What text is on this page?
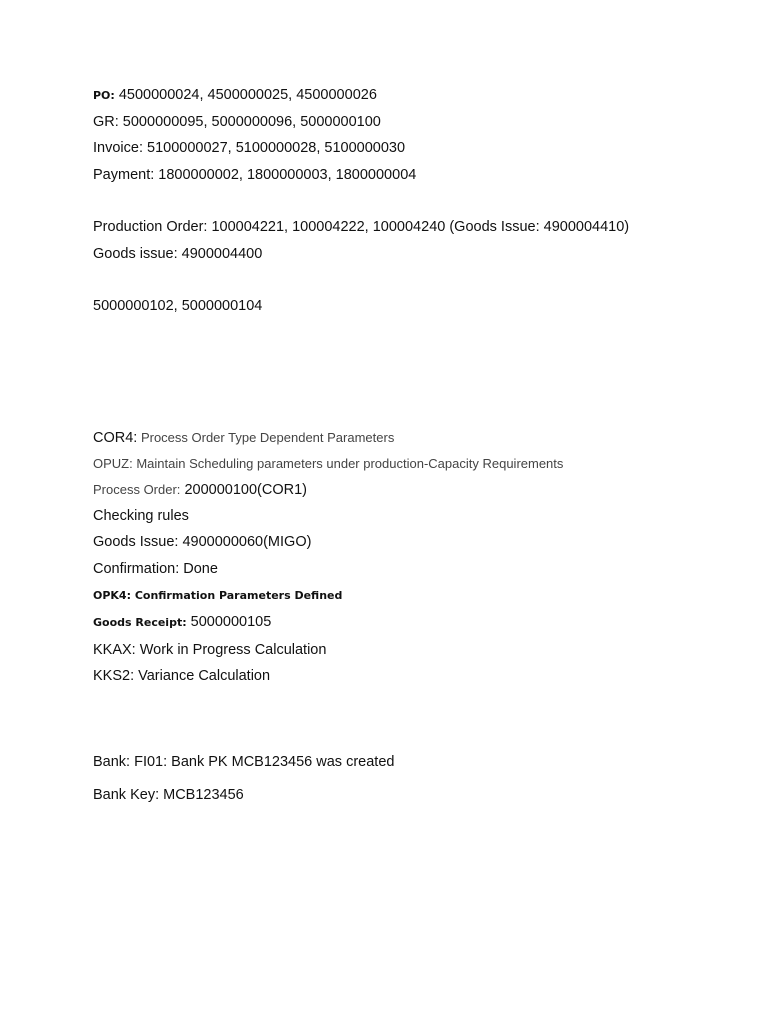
PO: 4500000024, 4500000025, 4500000026
GR: 5000000095, 5000000096, 5000000100
Invoice: 5100000027, 5100000028, 5100000030
Payment: 1800000002, 1800000003, 1800000004
Production Order: 100004221, 100004222, 100004240 (Goods Issue: 4900004410)
Goods issue: 4900004400
5000000102, 5000000104
COR4: Process Order Type Dependent Parameters
OPUZ: Maintain Scheduling parameters under production-Capacity Requirements
Process Order: 200000100(COR1)
Checking rules
Goods Issue: 4900000060(MIGO)
Confirmation: Done
OPK4: Confirmation Parameters Defined
Goods Receipt: 5000000105
KKAX: Work in Progress Calculation
KKS2: Variance Calculation
Bank: FI01: Bank PK MCB123456 was created
Bank Key: MCB123456
